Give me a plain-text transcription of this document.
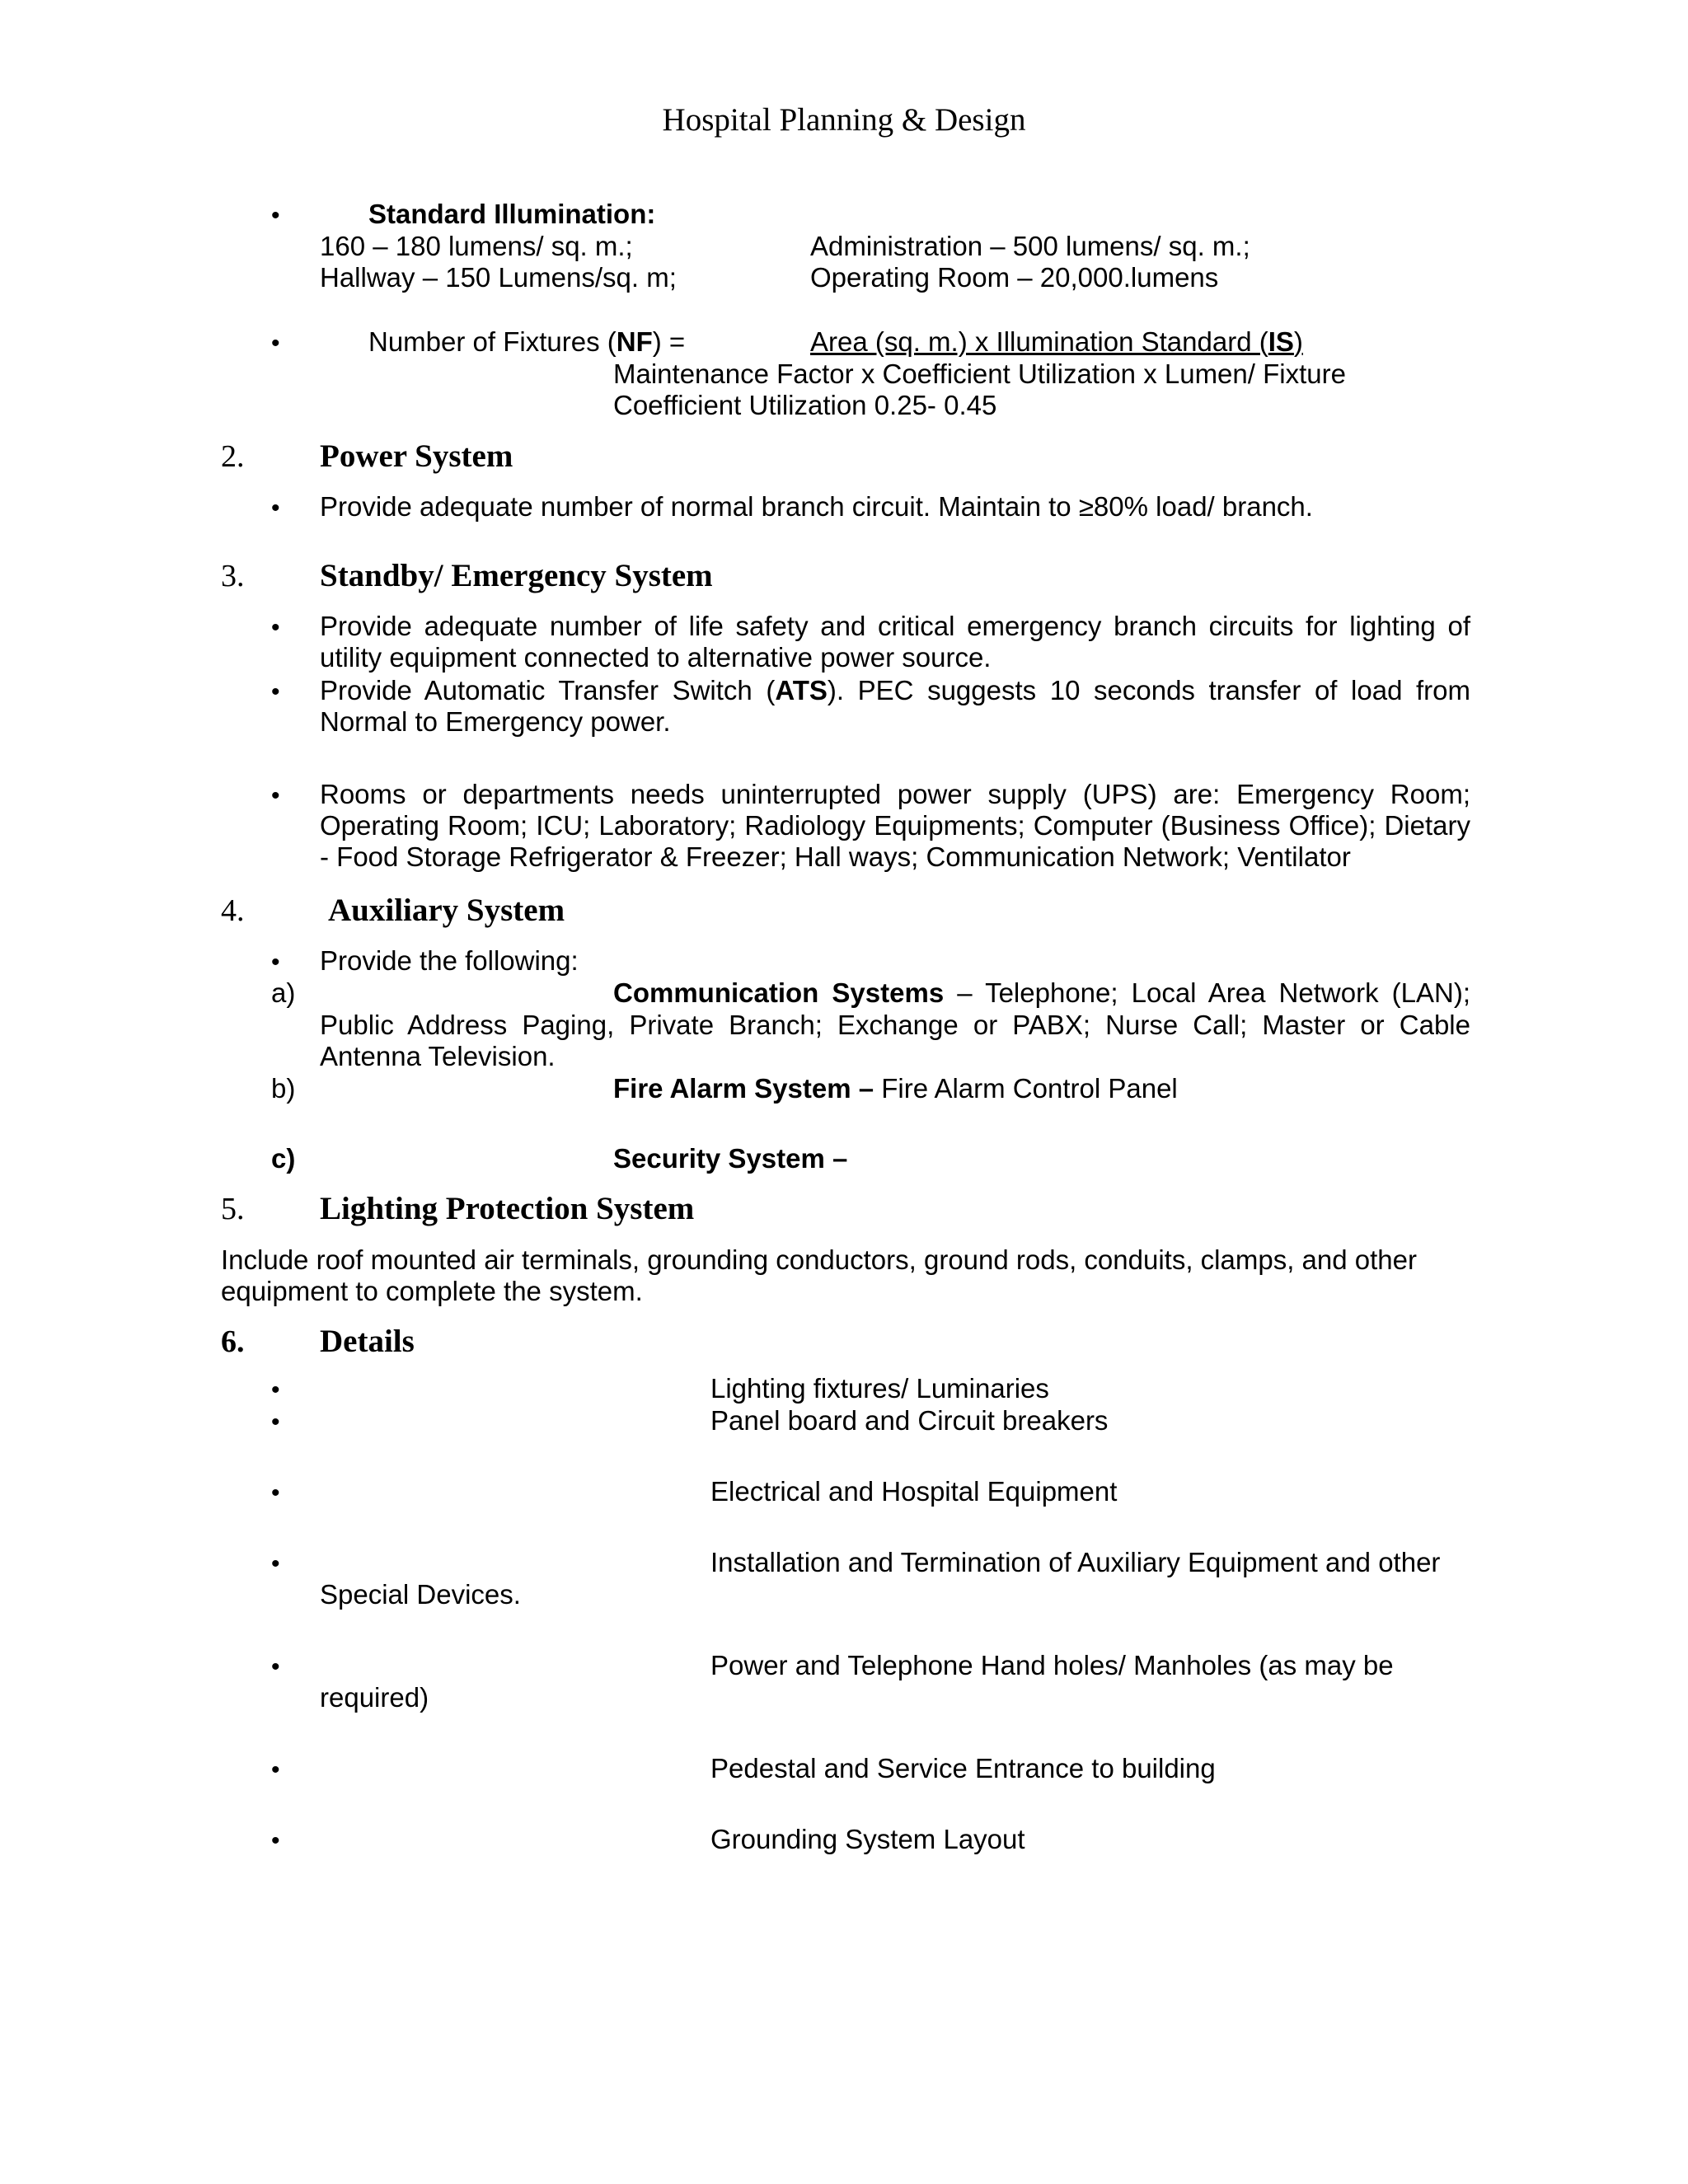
Hospital Planning & Design
•	Standard Illumination:
160 – 180 lumens/ sq. m.;	Administration – 500 lumens/ sq. m.;
Hallway – 150 Lumens/sq. m;	Operating Room – 20,000.lumens
•	Number of Fixtures (NF) =	Area (sq. m.) x Illumination Standard (IS)
Maintenance Factor x Coefficient Utilization x Lumen/ Fixture
Coefficient Utilization 0.25- 0.45
2. Power System
• Provide adequate number of normal branch circuit. Maintain to ≥80% load/ branch.
3. Standby/ Emergency System
• Provide adequate number of life safety and critical emergency branch circuits for lighting of utility equipment connected to alternative power source.
• Provide Automatic Transfer Switch (ATS). PEC suggests 10 seconds transfer of load from Normal to Emergency power.
• Rooms or departments needs uninterrupted power supply (UPS) are: Emergency Room; Operating Room; ICU; Laboratory; Radiology Equipments; Computer (Business Office); Dietary - Food Storage Refrigerator & Freezer; Hall ways; Communication Network; Ventilator
4.	Auxiliary System
• Provide the following:
a)	Communication Systems – Telephone; Local Area Network (LAN);
Public Address Paging, Private Branch; Exchange or PABX; Nurse Call; Master or Cable
Antenna Television.
b)	Fire Alarm System – Fire Alarm Control Panel
c)	Security System –
5. Lighting Protection System
Include roof mounted air terminals, grounding conductors, ground rods, conduits, clamps, and other
equipment to complete the system.
6. Details
•	Lighting fixtures/ Luminaries
•	Panel board and Circuit breakers
•	Electrical and Hospital Equipment
•	Installation and Termination of Auxiliary Equipment and other
Special Devices.
•	Power and Telephone Hand holes/ Manholes (as may be
required)
•	Pedestal and Service Entrance to building
•	Grounding System Layout
